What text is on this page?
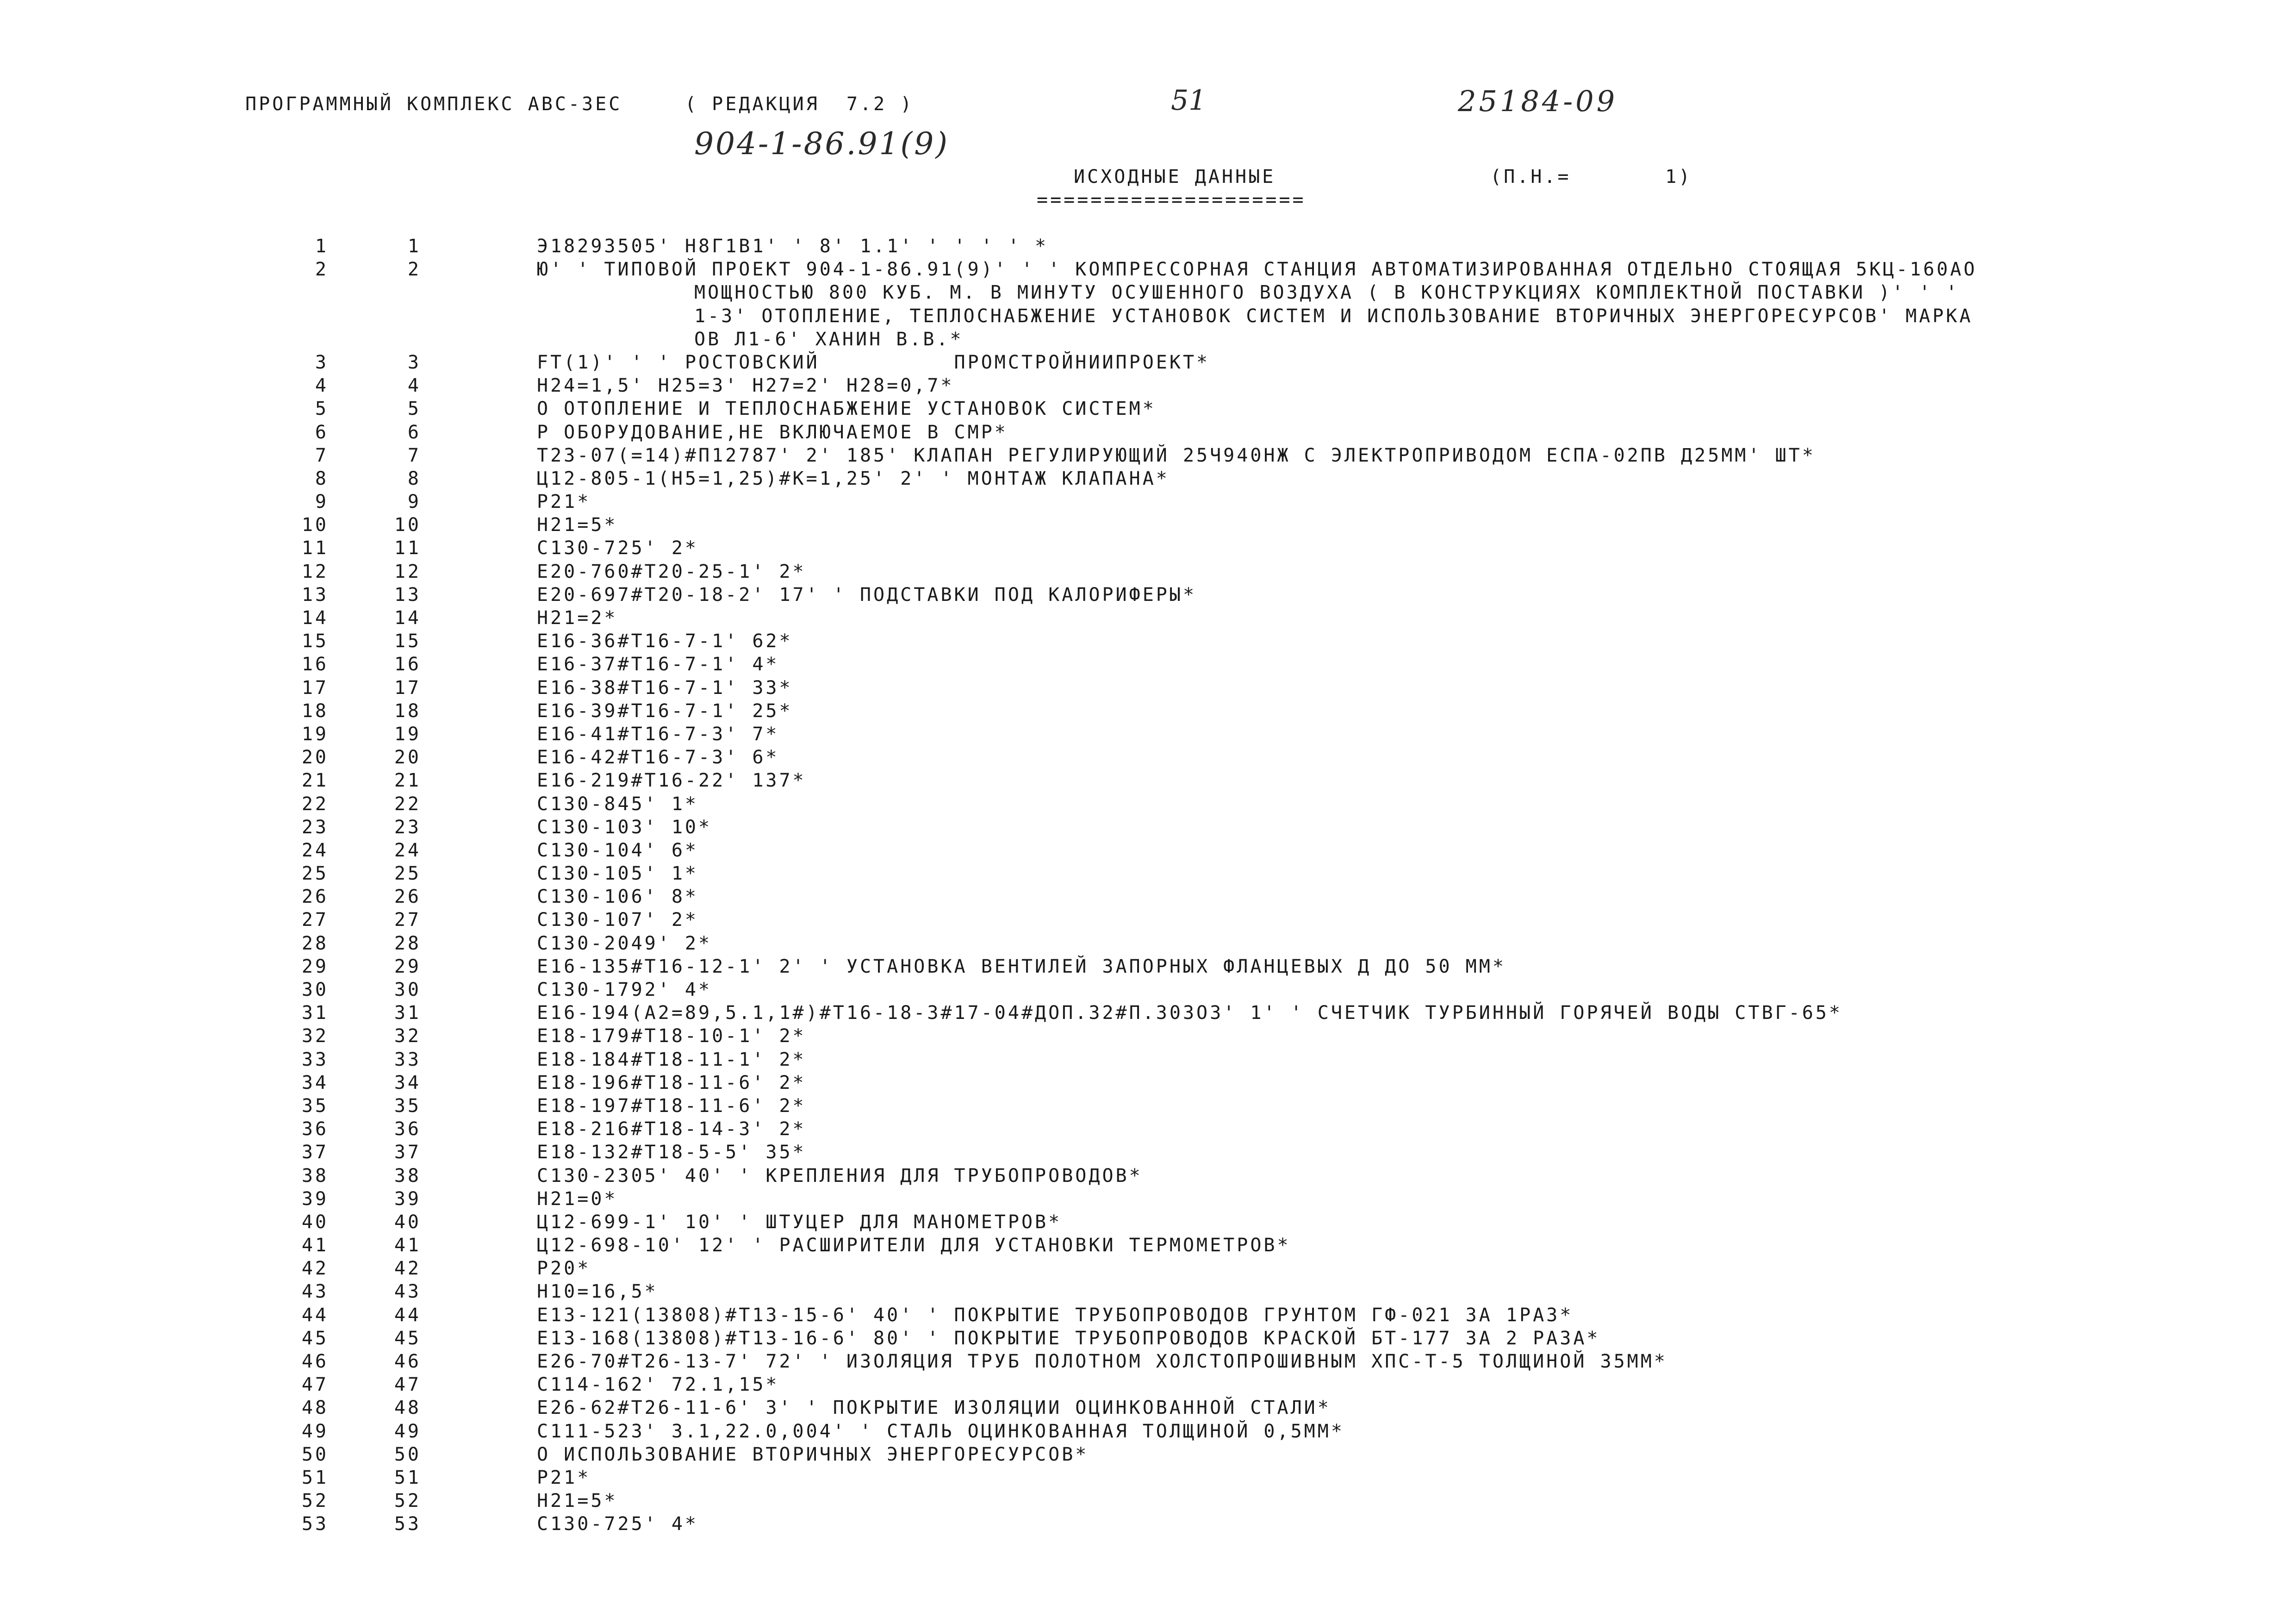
ПРОГРАММНЫЙ КОМПЛЕКС АВС-3ЕС	( РЕДАКЦИЯ  7.2 )	51	25184-09
904-1-86.91(9)
ИСХОДНЫЕ ДАННЫЕ
====================
(П.Н.=       1)
1	1	Э18293505' Н8Г1В1' ' 8' 1.1' ' ' ' ' *
2	2	Ю' ' ТИПОВОЙ ПРОЕКТ 904-1-86.91(9)' ' ' КОМПРЕССОРНАЯ СТАНЦИЯ АВТОМАТИЗИРОВАННАЯ ОТДЕЛЬНО СТОЯЩАЯ 5КЦ-160АО
МОЩНОСТЬЮ 800 КУБ. М. В МИНУТУ ОСУШЕННОГО ВОЗДУХА ( В КОНСТРУКЦИЯХ КОМПЛЕКТНОЙ ПОСТАВКИ )' ' '
1-3' ОТОПЛЕНИЕ, ТЕПЛОСНАБЖЕНИЕ УСТАНОВОК СИСТЕМ И ИСПОЛЬЗОВАНИЕ ВТОРИЧНЫХ ЭНЕРГОРЕСУРСОВ' МАРКА
ОВ Л1-6' ХАНИН В.В.*
3	3	FT(1)' ' ' РОСТОВСКИЙ          ПРОМСТРОЙНИИПРОЕКТ*
4	4	Н24=1,5' Н25=3' Н27=2' Н28=0,7*
5	5	О ОТОПЛЕНИЕ И ТЕПЛОСНАБЖЕНИЕ УСТАНОВОК СИСТЕМ*
6	6	Р ОБОРУДОВАНИЕ,НЕ ВКЛЮЧАЕМОЕ В СМР*
7	7	Т23-07(=14)#П12787' 2' 185' КЛАПАН РЕГУЛИРУЮЩИЙ 25Ч940НЖ С ЭЛЕКТРОПРИВОДОМ ЕСПА-02ПВ Д25ММ' ШТ*
8	8	Ц12-805-1(Н5=1,25)#К=1,25' 2' ' МОНТАЖ КЛАПАНА*
9	9	Р21*
10	10	Н21=5*
11	11	С130-725' 2*
12	12	Е20-760#Т20-25-1' 2*
13	13	Е20-697#Т20-18-2' 17' ' ПОДСТАВКИ ПОД КАЛОРИФЕРЫ*
14	14	Н21=2*
15	15	Е16-36#Т16-7-1' 62*
16	16	Е16-37#Т16-7-1' 4*
17	17	Е16-38#Т16-7-1' 33*
18	18	Е16-39#Т16-7-1' 25*
19	19	Е16-41#Т16-7-3' 7*
20	20	Е16-42#Т16-7-3' 6*
21	21	Е16-219#Т16-22' 137*
22	22	С130-845' 1*
23	23	С130-103' 10*
24	24	С130-104' 6*
25	25	С130-105' 1*
26	26	С130-106' 8*
27	27	С130-107' 2*
28	28	С130-2049' 2*
29	29	Е16-135#Т16-12-1' 2' ' УСТАНОВКА ВЕНТИЛЕЙ ЗАПОРНЫХ ФЛАНЦЕВЫХ Д ДО 50 ММ*
30	30	С130-1792' 4*
31	31	Е16-194(А2=89,5.1,1#)#Т16-18-3#17-04#ДОП.32#П.303ОЗ' 1' ' СЧЕТЧИК ТУРБИННЫЙ ГОРЯЧЕЙ ВОДЫ СТВГ-65*
32	32	Е18-179#Т18-10-1' 2*
33	33	Е18-184#Т18-11-1' 2*
34	34	Е18-196#Т18-11-6' 2*
35	35	Е18-197#Т18-11-6' 2*
36	36	Е18-216#Т18-14-3' 2*
37	37	Е18-132#Т18-5-5' 35*
38	38	С130-2305' 40' ' КРЕПЛЕНИЯ ДЛЯ ТРУБОПРОВОДОВ*
39	39	Н21=0*
40	40	Ц12-699-1' 10' ' ШТУЦЕР ДЛЯ МАНОМЕТРОВ*
41	41	Ц12-698-10' 12' ' РАСШИРИТЕЛИ ДЛЯ УСТАНОВКИ ТЕРМОМЕТРОВ*
42	42	Р20*
43	43	Н10=16,5*
44	44	Е13-121(13808)#Т13-15-6' 40' ' ПОКРЫТИЕ ТРУБОПРОВОДОВ ГРУНТОМ ГФ-021 ЗА 1РАЗ*
45	45	Е13-168(13808)#Т13-16-6' 80' ' ПОКРЫТИЕ ТРУБОПРОВОДОВ КРАСКОЙ БТ-177 ЗА 2 РАЗА*
46	46	Е26-70#Т26-13-7' 72' ' ИЗОЛЯЦИЯ ТРУБ ПОЛОТНОМ ХОЛСТОПРОШИВНЫМ ХПС-Т-5 ТОЛЩИНОЙ 35ММ*
47	47	С114-162' 72.1,15*
48	48	Е26-62#Т26-11-6' 3' ' ПОКРЫТИЕ ИЗОЛЯЦИИ ОЦИНКОВАННОЙ СТАЛИ*
49	49	С111-523' 3.1,22.0,004' ' СТАЛЬ ОЦИНКОВАННАЯ ТОЛЩИНОЙ 0,5ММ*
50	50	О ИСПОЛЬЗОВАНИЕ ВТОРИЧНЫХ ЭНЕРГОРЕСУРСОВ*
51	51	Р21*
52	52	Н21=5*
53	53	С130-725' 4*
